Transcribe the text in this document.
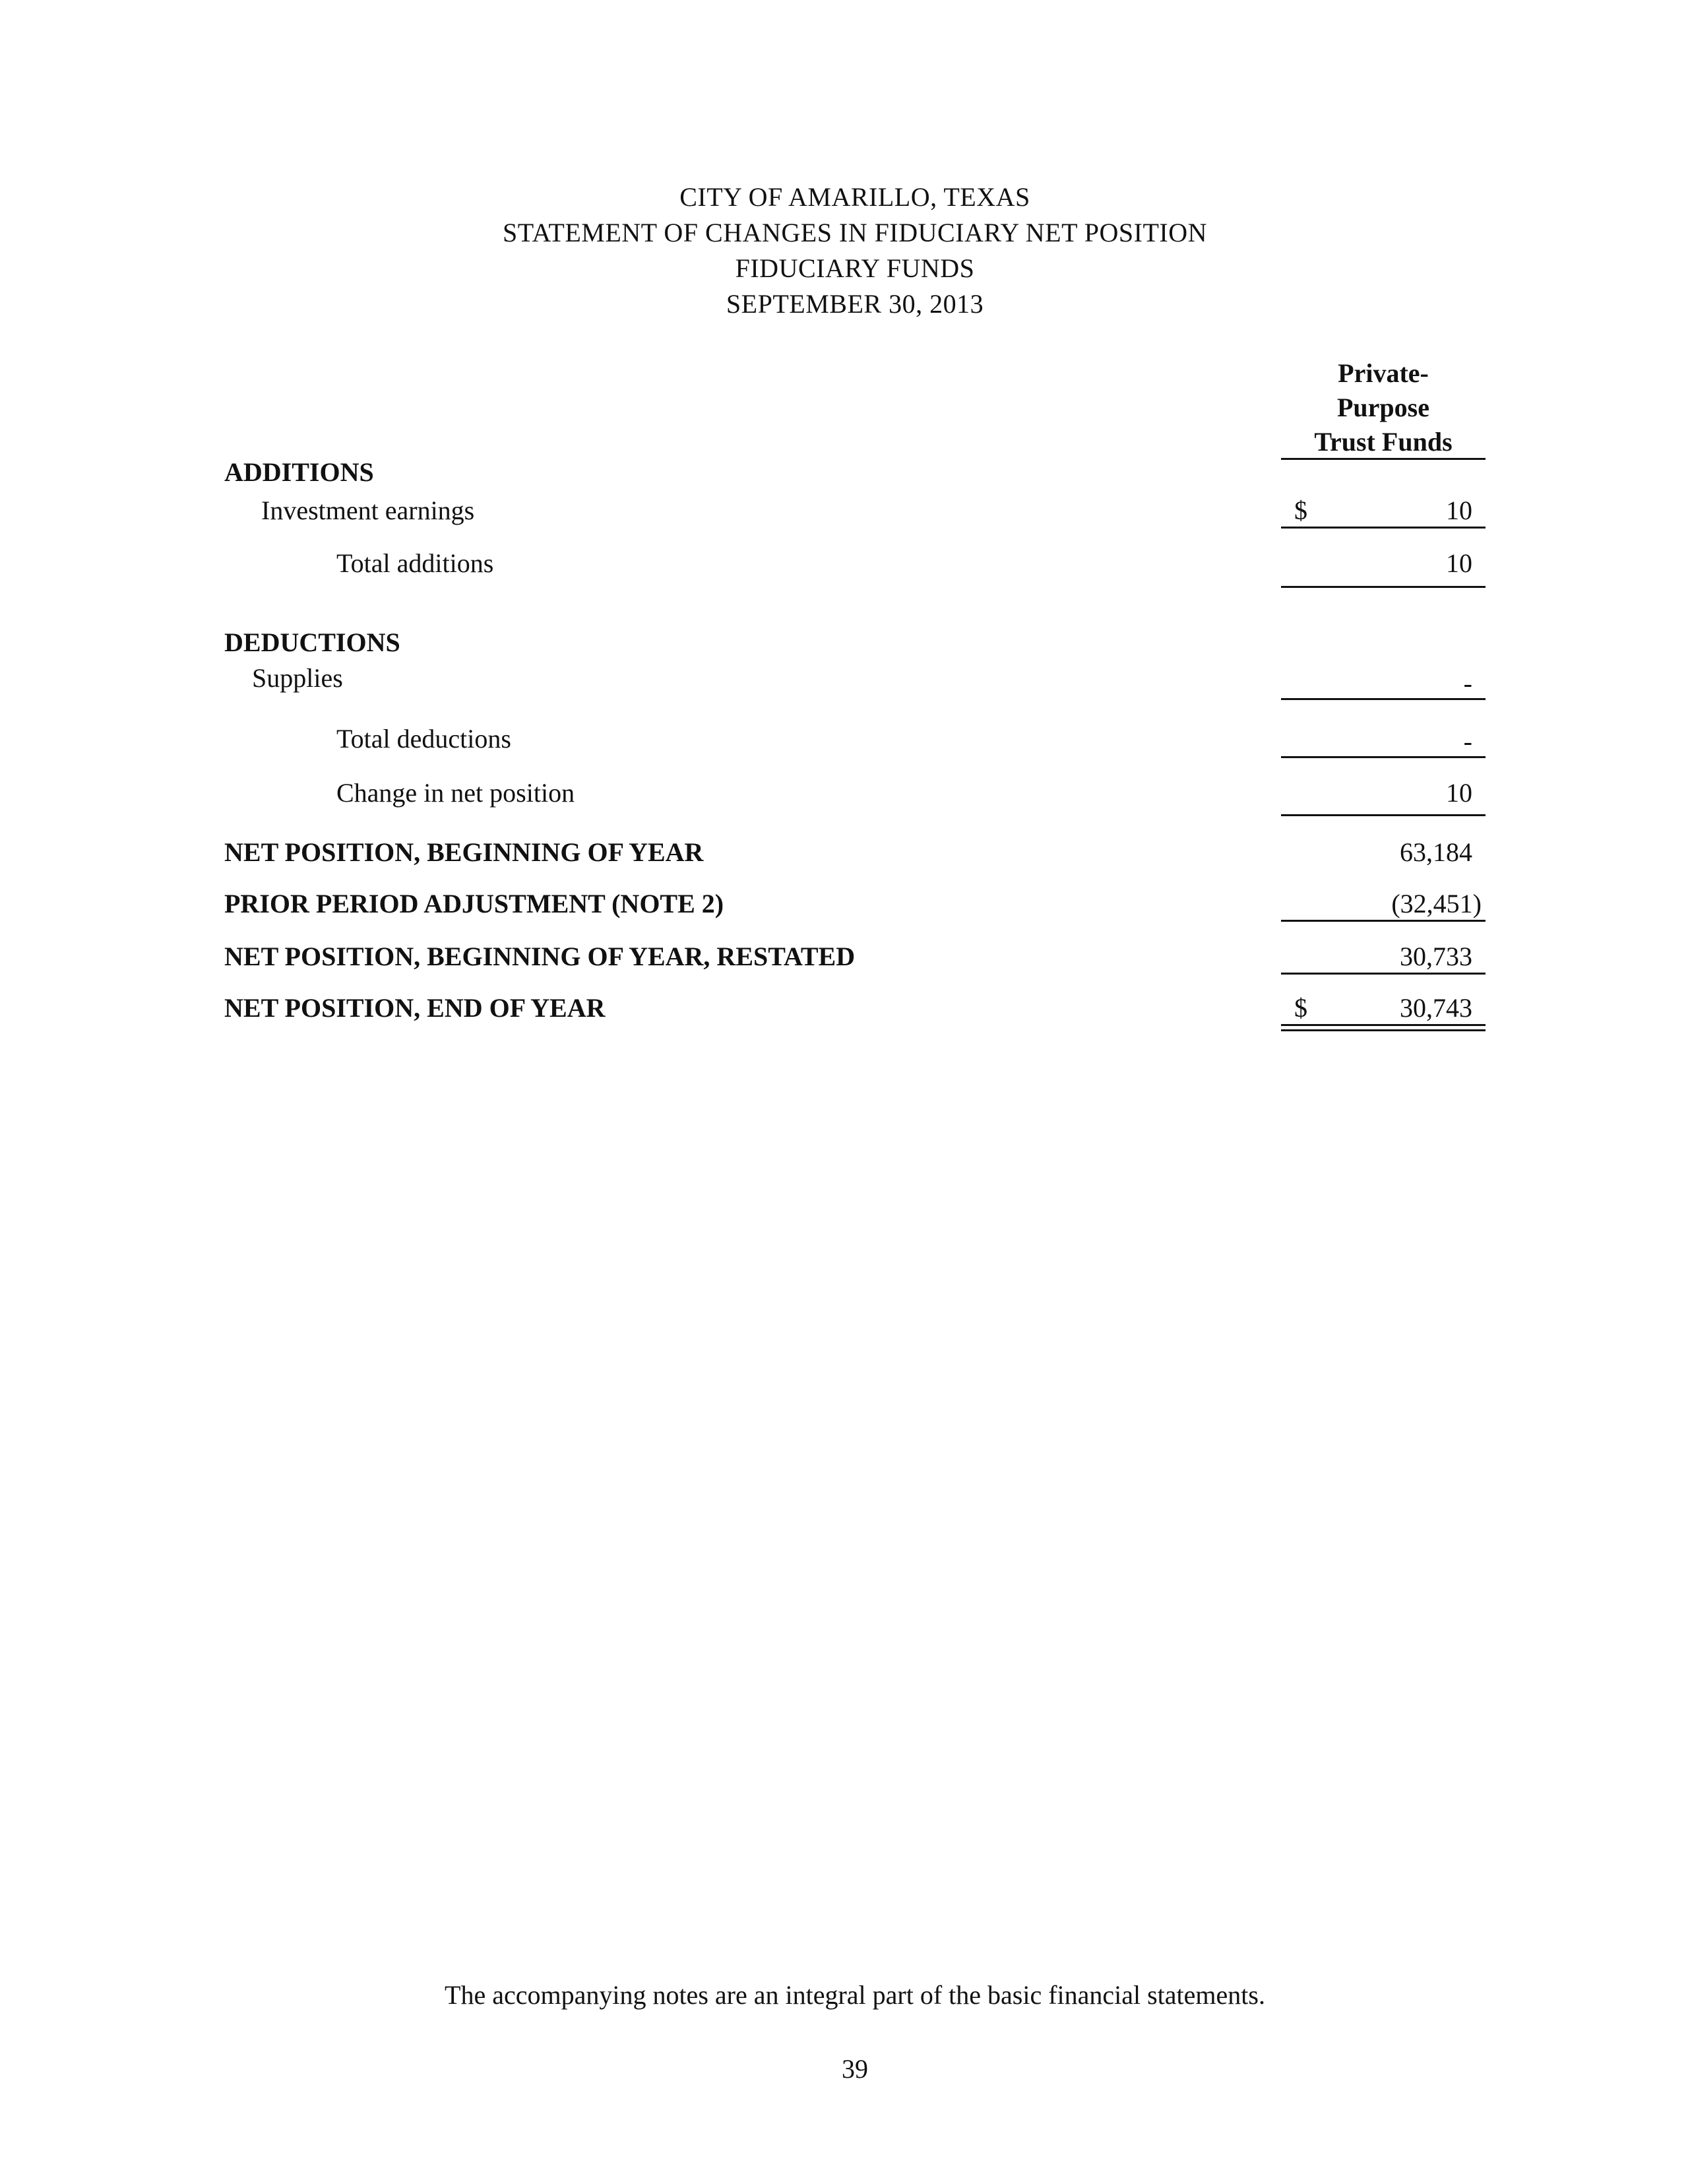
CITY OF AMARILLO, TEXAS
STATEMENT OF CHANGES IN FIDUCIARY NET POSITION
FIDUCIARY FUNDS
SEPTEMBER 30, 2013
Private-
Purpose
Trust Funds
ADDITIONS
Investment earnings	$	10
Total additions	10
DEDUCTIONS
Supplies	-
Total deductions	-
Change in net position	10
NET POSITION, BEGINNING OF YEAR	63,184
PRIOR PERIOD ADJUSTMENT (NOTE 2)	(32,451)
NET POSITION, BEGINNING OF YEAR, RESTATED	30,733
NET POSITION, END OF YEAR	$	30,743
The accompanying notes are an integral part of the basic financial statements.
39
